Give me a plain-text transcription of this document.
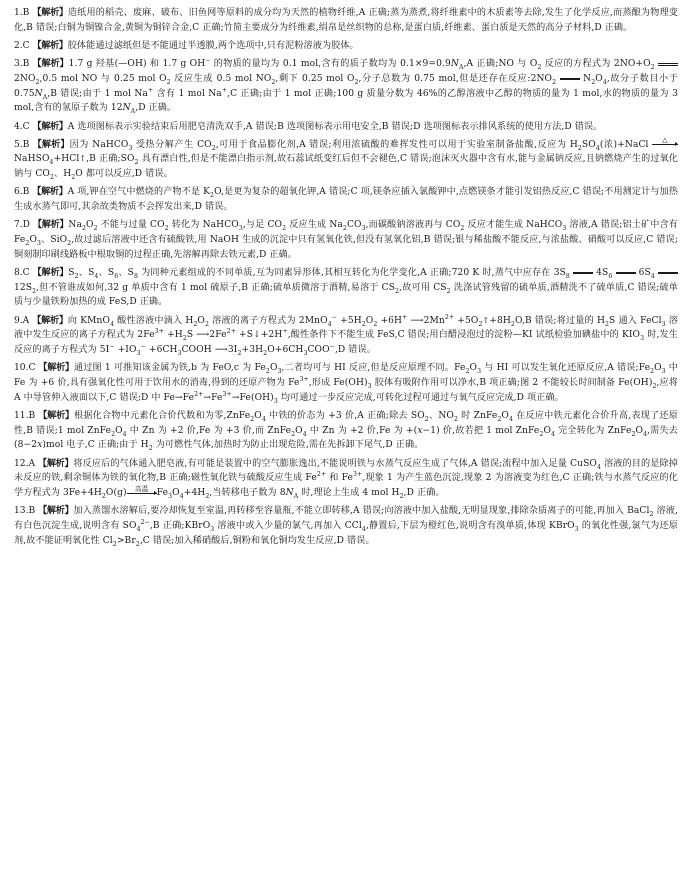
1.B 【解析】造纸用的稻壳、废麻、破布、旧鱼网等原料的成分均为天然的植物纤维,A 正确;蒸为蒸煮,将纤维素中的木质素等去除,发生了化学反应,而蒸酿为物理变化,B 错误;白铜为铜镍合金,黄铜为铜锌合金,C 正确;竹简主要成分为纤维素,绢帛是丝织物的总称,是蛋白质,纤维素、蛋白质是天然的高分子材料,D 正确。
2.C 【解析】胶体能通过滤纸但是不能通过半透膜,两个选项中,只有泥粉溶液为胶体。
3.B 【解析】1.7 g 羟基(—OH) 和 1.7 g OH− 的物质的量均为 0.1 mol,含有的质子数均为 $0.1\times 9=0.9N_A,A$ 正确;NO 与 $O_2$ 反应的方程式为 $2NO+O_2$  $2NO_2,0.5$ mol NO 与 0.25 mol $O_2$ 反应生成 0.5 mol $NO_2$,剩下 0.25 mol $O_2$,分子总数为 0.75 mol,但是还存在反应$:2NO_2$	$N_2O_4$,故分子数目小于 $0.75N_A,B$ 错误;由于 1 mol Na+ 含有 1 mol Na+,C 正确;由于 1 mol 正确;100 g 质量分数为 46%的乙醇溶液中乙醇的物质的量为 1 mol,水的物质的量为 3 mol,含有的氢原子数为 $12N_A,D$ 正确。
4.C 【解析】A 选项图标表示实验结束后用肥皂清洗双手,A 错误;B 选项图标表示用电安全,B 错误;D 选项图标表示排风系统的使用方法,D 错误。
5.B 【解析】因为 NaHCO$_3$ 受热分解产生 $CO_2$,可用于食品膨化剂,A 错误;利用浓硫酸的难挥发性可以用于实验室制备盐酸,反应为 $H_2SO_4$(浓)+NaCl	△
NaHSO$_4$+HCl↑,B 正确$;SO_2$ 具有漂白性,但是不能漂白指示剂,故石蕊试纸变红后但不会褪色,C 错误;泡沫灭火器中含有水,能与金属钠反应,且钠燃烧产生的过氧化钠与 $CO_2$、$H_2O$ 都可以反应,D 错误。
6.B 【解析】A 项,钾在空气中燃烧的产物不是 $K_2O$,是更为复杂的超氧化钾,A 错误;C 项,镁条应插入氯酸钾中,点燃镁条才能引发铝热反应,C 错误;不用测定计与加热生成水蒸气即可,其余故类物质不会挥发出来,D 错误。
7.D 【解析】$Na_2O_2$ 不能与过量 $CO_2$ 转化为 NaHCO$_3$,与足 $CO_2$ 反应生成 $Na_2CO_3$,而碳酸钠溶液再与 $CO_2$ 反应才能生成 NaHCO$_3$ 溶液,A 错误;铝土矿中含有 $Fe_2O_3$、SiO$_2$,故过滤后溶液中还含有硫酸铁,用 NaOH 生成的沉淀中只有氢氧化铁,但没有氢氧化铝,B 错误;银与稀盐酸不能反应,与浓盐酸、硝酸可以反应,C 错误;铜刻制印刷线路板中根取铜的过程正确,先溶解再除去铁元素,D 正确。
8.C 【解析】$S_2$、$S_4$、$S_6$、$S_8$ 为同种元素组成的不同单质,互为同素异形体,其相互转化为化学变化,A 正确;720 K 时,蒸气中应存在 $3S_8$	$4S_6$	$6S_4$  $12S_2$,但不管谁成如何,32 g 单质中含有 1 mol 硫原子,B 正确;硫单质微溶于酒精,易溶于 $CS_2$,故可用 $CS_2$ 洗涤试管残留的硫单质,酒精洗不了硫单质,C 错误;硫单质与少量铁粉加热的成 FeS,D 正确。
9.A 【解析】向 KMnO$_4$ 酸性溶液中滴入 $H_2O_2$ 溶液的离子方程式为 $2MnO_4^- +5H_2O_2 +6H^+$ $⟶2Mn^{2+}$ $+5O_2↑+8H_2O,B$ 错误;将过量的 $H_2S$ 通入 FeCl$_3$ 溶液中发生反应的离子方程式为 $2Fe^{3+} +H_2S$ $⟶2Fe^{2+}$ +S↓+2H+,酸性条件下不能生成 FeS,C 错误;用白醋浸泡过的淀粉—KI 试纸检验加碘盐中的 $KIO_3$ 时,发生反应的离子方程式为 $5I^- +IO_3^-$ $+6CH_3COOH$ $⟶3I_2+3H_2O+6CH_3COO^-,D$ 错误。
10.C 【解析】通过图 1 可推知该金属为铁,b 为 FeO,c 为 $Fe_2O_3$,二者均可与 HI 反应,但是反应原理不同。$Fe_2O_3$ 与 HI 可以发生氧化还原反应,A 错误$;Fe_2O_3$ 中 Fe 为 +6 价,具有强氧化性可用于饮用水的消毒,得到的还原产物为 $Fe^{3+}$,形成 $Fe(OH)_3$ 胶体有吸附作用可以净水,B 项正确;图 2 不能较长时间制备 $Fe(OH)_2$,应将 A 中导管伸入液面以下,C 错误;D 中 $Fe\to Fe^{2+}\to Fe^{3+}\to Fe(OH)_3$ 均可通过一步反应完成,可转化过程可通过与氧气反应完成,D 项正确。
11.B 【解析】根据化合物中元素化合价代数和为零$,ZnFe_2O_4$ 中铁的价态为 +3 价,A 正确;除去 $SO_2$、$NO_2$ 时 $ZnFe_2O_4$ 在反应中铁元素化合价升高,表现了还原性,B 错误;1 mol $ZnFe_2O_4$ 中 Zn 为 +2 价,Fe 为 +3 价,而 $ZnFe_2O_4$ 中 Zn 为 +2 价,Fe 为 +(x−1) 价,故若把 1 mol $ZnFe_2O_4$ 完全转化为 $ZnFe_2O_4$,需失去(8−2x)mol 电子,C 正确;由于 $H_2$ 为可燃性气体,加热时为防止出现危险,需在先拆卸下尾气,D 正确。
12.A 【解析】将反应后的气体通入肥皂液,有可能是装置中的空气膨胀逸出,不能说明铁与水蒸气反应生成了气体,A 错误;流程中加入足量 CuSO$_4$ 溶液的目的是除掉未反应的铁,剩余铜体为铁的氧化物,B 正确;磁性氧化铁与硫酸反应生成 $Fe^{2+}$ 和 $Fe^{3+}$,现象 1 为产生蓝色沉淀,现象 2 为溶液变为红色,C 正确;铁与水蒸气反应的化学方程式为 $3Fe+4H_2O(g)$	高温 $Fe_3O_4+4H_2$,当转移电子数为 $8N_A$ 时,理论上生成 4 mol $H_2,D$ 正确。
13.B 【解析】加入蒸馏水溶解后,要冷却恢复至室温,再转移至容量瓶,不能立即转移,A 错误;向溶液中加入盐酸,无明显现象,排除杂质离子的可能,再加入 BaCl$_2$ 溶液,有白色沉淀生成,说明含有 $SO_4^{2-},B$ 正确;KBrO$_3$ 溶液中或入少量的氯气,再加入 CCl$_4$,静置后,下层为橙红色,说明含有溴单质,体现 KBrO$_3$ 的氧化性强,氯气为还原剂,故不能证明氧化性 $Cl_2>Br_2,C$ 错误;加入稀硝酸后,铜粉和氧化铜均发生反应,D 错误。
